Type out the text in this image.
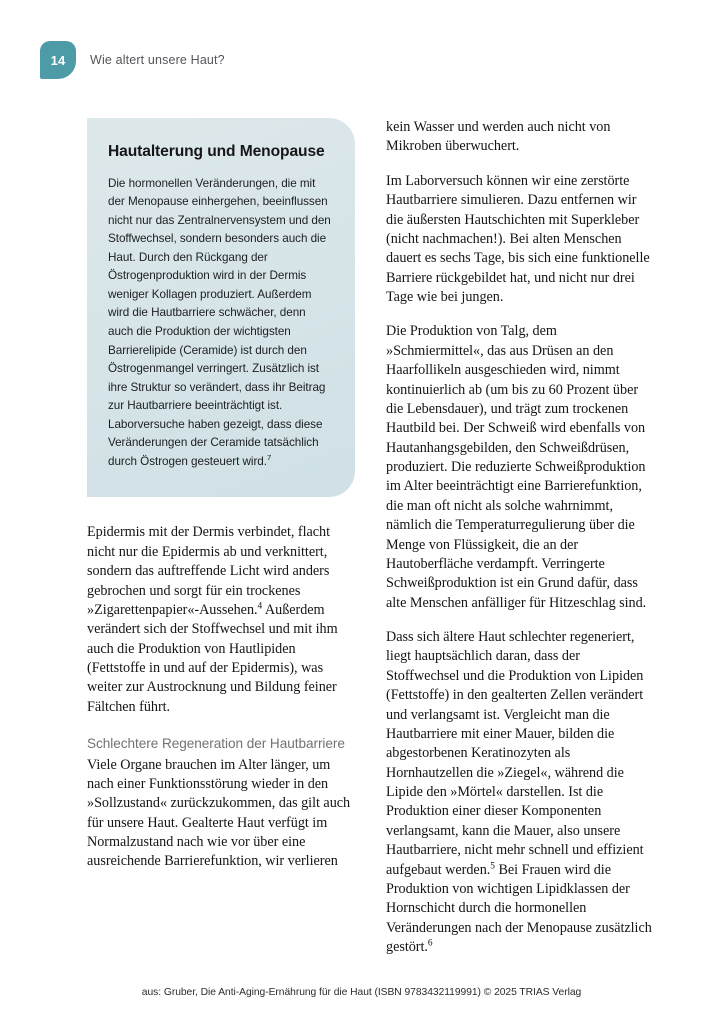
14	Wie altert unsere Haut?
Hautalterung und Menopause

Die hormonellen Veränderungen, die mit der Menopause einhergehen, beeinflussen nicht nur das Zentralnervensystem und den Stoffwechsel, sondern besonders auch die Haut. Durch den Rückgang der Östrogenproduktion wird in der Dermis weniger Kollagen produziert. Außerdem wird die Hautbarriere schwächer, denn auch die Produktion der wichtigsten Barrierelipide (Ceramide) ist durch den Östrogenmangel verringert. Zusätzlich ist ihre Struktur so verändert, dass ihr Beitrag zur Hautbarriere beeinträchtigt ist. Laborversuche haben gezeigt, dass diese Veränderungen der Ceramide tatsächlich durch Östrogen gesteuert wird.$^7$

Epidermis mit der Dermis verbindet, flacht nicht nur die Epidermis ab und verknittert, sondern das auftreffende Licht wird anders gebrochen und sorgt für ein trockenes »Zigarettenpapier«-Aussehen.$^4$ Außerdem verändert sich der Stoffwechsel und mit ihm auch die Produktion von Hautlipiden (Fettstoffe in und auf der Epidermis), was weiter zur Austrocknung und Bildung feiner Fältchen führt.

Schlechtere Regeneration der Hautbarriere

Viele Organe brauchen im Alter länger, um nach einer Funktionsstörung wieder in den »Sollzustand« zurückzukommen, das gilt auch für unsere Haut. Gealterte Haut verfügt im Normalzustand nach wie vor über eine ausreichende Barrierefunktion, wir verlieren

kein Wasser und werden auch nicht von Mikroben überwuchert.

Im Laborversuch können wir eine zerstörte Hautbarriere simulieren. Dazu entfernen wir die äußersten Hautschichten mit Superkleber (nicht nachmachen!). Bei alten Menschen dauert es sechs Tage, bis sich eine funktionelle Barriere rückgebildet hat, und nicht nur drei Tage wie bei jungen.

Die Produktion von Talg, dem »Schmiermittel«, das aus Drüsen an den Haarfollikeln ausgeschieden wird, nimmt kontinuierlich ab (um bis zu 60 Prozent über die Lebensdauer), und trägt zum trockenen Hautbild bei. Der Schweiß wird ebenfalls von Hautanhangsgebilden, den Schweißdrüsen, produziert. Die reduzierte Schweißproduktion im Alter beeinträchtigt eine Barrierefunktion, die man oft nicht als solche wahrnimmt, nämlich die Temperaturregulierung über die Menge von Flüssigkeit, die an der Hautoberfläche verdampft. Verringerte Schweißproduktion ist ein Grund dafür, dass alte Menschen anfälliger für Hitzeschlag sind.

Dass sich ältere Haut schlechter regeneriert, liegt hauptsächlich daran, dass der Stoffwechsel und die Produktion von Lipiden (Fettstoffe) in den gealterten Zellen verändert und verlangsamt ist. Vergleicht man die Hautbarriere mit einer Mauer, bilden die abgestorbenen Keratinozyten als Hornhautzellen die »Ziegel«, während die Lipide den »Mörtel« darstellen. Ist die Produktion einer dieser Komponenten verlangsamt, kann die Mauer, also unsere Hautbarriere, nicht mehr schnell und effizient aufgebaut werden.$^5$ Bei Frauen wird die Produktion von wichtigen Lipidklassen der Hornschicht durch die hormonellen Veränderungen nach der Menopause zusätzlich gestört.$^6$

aus: Gruber, Die Anti-Aging-Ernährung für die Haut (ISBN 9783432119991) © 2025 TRIAS Verlag
